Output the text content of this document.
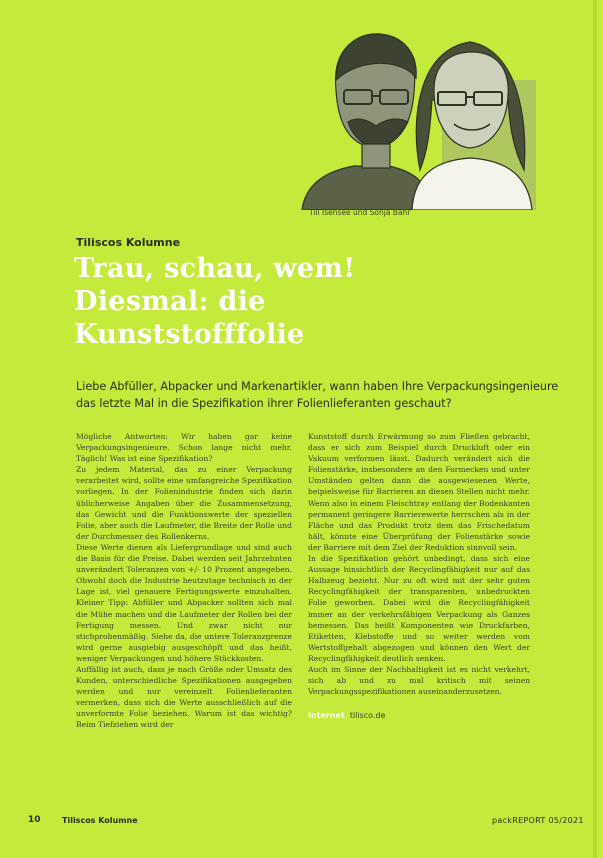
Till Isensee und Sonja Bähr
Tiliscos Kolumne
Trau, schau, wem!
Diesmal: die
Kunststofffolie

Liebe Abfüller, Abpacker und Markenartikler, wann haben Ihre Verpackungsingenieure
das letzte Mal in die Spezifikation ihrer Folienlieferanten geschaut?

Mögliche Antworten: Wir haben gar keine Verpackungsingenieure. Schon lange nicht mehr. Täglich! Was ist eine Spezifikation?

Zu jedem Material, das zu einer Verpackung verarbeitet wird, sollte eine umfangreiche Spezifikation vorliegen. In der Folienindustrie finden sich darin üblicherweise Angaben über die Zusammensetzung, das Gewicht und die Funktionswerte der speziellen Folie, aber auch die Laufmeter, die Breite der Rolle und der Durchmesser des Rollenkerns.

Diese Werte dienen als Liefergrundlage und sind auch die Basis für die Preise. Dabei werden seit Jahrzehnten unverändert Toleranzen von +/- 10 Prozent angegeben. Obwohl doch die Industrie heutzutage technisch in der Lage ist, viel genauere Fertigungswerte einzuhalten. Kleiner Tipp: Abfüller und Abpacker sollten sich mal die Mühe machen und die Laufmeter der Rollen bei der Fertigung messen. Und zwar nicht nur stichprobenmäßig. Siehe da, die untere Toleranzgrenze wird gerne ausgiebig ausgeschöpft und das heißt, weniger Verpackungen und höhere Stückkosten.

Auffällig ist auch, dass je nach Größe oder Umsatz des Kunden, unterschiedliche Spezifikationen ausgegeben werden und nur vereinzelt Folienlieferanten vermerken, dass sich die Werte ausschließlich auf die unverformte Folie beziehen. Warum ist das wichtig? Beim Tiefziehen wird der

Kunststoff durch Erwärmung so zum Fließen gebracht, dass er sich zum Beispiel durch Druckluft oder ein Vakuum verformen lässt. Dadurch verändert sich die Folienstärke, insbesondere an den Formecken und unter Umständen gelten dann die ausgewiesenen Werte, beipielsweise für Barrieren an diesen Stellen nicht mehr. Wenn also in einem Fleischtray entlang der Bodenkanten permanent geringere Barrierewerte herrschen als in der Fläche und das Produkt trotz dem das Frischedatum hält, könnte eine Überprüfung der Folienstärke sowie der Barriere mit dem Ziel der Reduktion sinnvoll sein.

In die Spezifikation gehört unbedingt, dass sich eine Aussage hinsichtlich der Recyclingfähigkeit nur auf das Halbzeug bezieht. Nur zu oft wird mit der sehr guten Recyclingfähigkeit der transparenten, unbedruckten Folie geworben. Dabei wird die Recyclingfähigkeit immer an der verkehrsfähigen Verpackung als Ganzes bemessen. Das heißt Komponenten wie Druckfarben, Etiketten, Klebstoffe und so weiter werden vom Wertstoffgehalt abgezogen und können den Wert der Recyclingfähigkeit deutlich senken.

Auch im Sinne der Nachhaltigkeit ist es nicht verkehrt, sich ab und zu mal kritisch mit seinen Verpackungsspezifikationen auseinanderzusetzen.

Internet tilisco.de

10	Tiliscos Kolumne	packREPORT 05/2021
